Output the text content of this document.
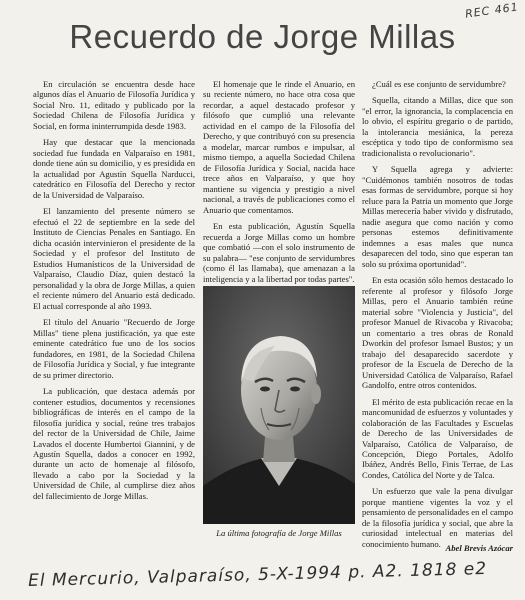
REC 461
Recuerdo de Jorge Millas

En circulación se encuentra desde hace algunos días el Anuario de Filosofía Jurídica y Social Nro. 11, editado y publicado por la Sociedad Chilena de Filosofía Jurídica y Social, en forma ininterrumpida desde 1983.

Hay que destacar que la mencionada sociedad fue fundada en Valparaíso en 1981, donde tiene aún su domicilio, y es presidida en la actualidad por Agustín Squella Narducci, catedrático en Filosofía del Derecho y rector de la Universidad de Valparaíso.

El lanzamiento del presente número se efectuó el 22 de septiembre en la sede del Instituto de Ciencias Penales en Santiago. En dicha ocasión intervinieron el presidente de la Sociedad y el profesor del Instituto de Estudios Humanísticos de la Universidad de Valparaíso, Claudio Díaz, quien destacó la personalidad y la obra de Jorge Millas, a quien el reciente número del Anuario está dedicado. El actual corresponde al año 1993.

El título del Anuario "Recuerdo de Jorge Millas" tiene plena justificación, ya que este eminente catedrático fue uno de los socios fundadores, en 1981, de la Sociedad Chilena de Filosofía Jurídica y Social, y fue integrante de su primer directorio.

La publicación, que destaca además por contener estudios, documentos y recensiones bibliográficas de interés en el campo de la filosofía jurídica y social, reúne tres trabajos del rector de la Universidad de Chile, Jaime Lavados el docente Humbertoi Giannini, y de Agustín Squella, dados a conocer en 1992, durante un acto de homenaje al filósofo, llevado a cabo por la Sociedad y la Universidad de Chile, al cumplirse diez años del fallecimiento de Jorge Millas.

El homenaje que le rinde el Anuario, en su reciente número, no hace otra cosa que recordar, a aquel destacado profesor y filósofo que cumplió una relevante actividad en el campo de la Filosofía del Derecho, y que contribuyó con su presencia a modelar, marcar rumbos e impulsar, al mismo tiempo, a aquella Sociedad Chilena de Filosofía Jurídica y Social, nacida hace trece años en Valparaíso, y que hoy mantiene su vigencia y prestigio a nivel nacional, a través de publicaciones como el Anuario que comentamos.

En esta publicación, Agustín Squella recuerda a Jorge Millas como un hombre que combatió —con el solo instrumento de su palabra— "ese conjunto de servidumbres (como él las llamaba), que amenazan a la inteligencia y a la libertad por todas partes".

La última fotografía de Jorge Millas

¿Cuál es ese conjunto de servidumbre?

Squella, citando a Millas, dice que son "el error, la ignorancia, la complacencia en lo obvio, el espíritu gregario o de partido, la intolerancia mesiánica, la pereza escéptica y todo tipo de conformismo sea tradicionalista o revolucionario".

Y Squella agrega y advierte: "Cuidémonos también nosotros de todas esas formas de servidumbre, porque si hoy reluce para la Patria un momento que Jorge Millas merecería haber vivido y disfrutado, nadie asegura que como nación y como personas estemos definitivamente indemnes a esas males que nunca desaparecen del todo, sino que esperan tan solo su próxima oportunidad".

En esta ocasión sólo hemos destacado lo referente al profesor y filósofo Jorge Millas, pero el Anuario también reúne material sobre "Violencia y Justicia", del profesor Manuel de Rivacoba y Rivacoba; un comentario a tres obras de Ronald Dworkin del profesor Ismael Bustos; y un trabajo del desaparecido sacerdote y profesor de la Escuela de Derecho de la Universidad Católica de Valparaíso, Rafael Gandolfo, entre otros contenidos.

El mérito de esta publicación recae en la mancomunidad de esfuerzos y voluntades y colaboración de las Facultades y Escuelas de Derecho de las Universidades de Valparaíso, Católica de Valparaíso, de Concepción, Diego Portales, Adolfo Ibáñez, Andrés Bello, Finis Terrae, de Las Condes, Católica del Norte y de Talca.

Un esfuerzo que vale la pena divulgar porque mantiene vigentes la voz y el pensamiento de personalidades en el campo de la filosofía jurídica y social, que abre la curiosidad intelectual en materias del conocimiento humano. Abel Brevis Azócar
El Mercurio, Valparaíso, 5-X-1994 p. A2. 1818 e2
